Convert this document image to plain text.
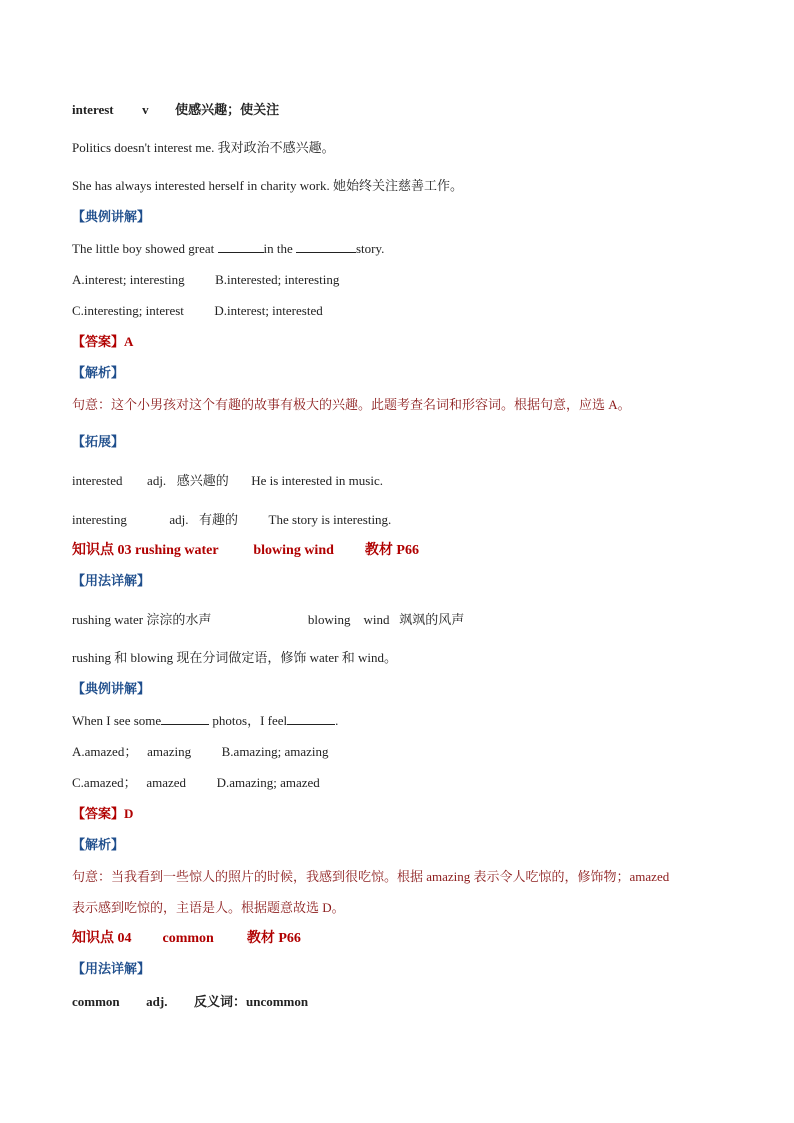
interest v 使感兴趣；使关注
Politics doesn't interest me. 我对政治不感兴趣。
She has always interested herself in charity work. 她始终关注慈善工作。
【典例讲解】
The little boy showed great	in the	story.
A.interest; interesting B.interested; interesting
C.interesting; interest D.interest; interested
【答案】A
【解析】
句意：这个小男孩对这个有趣的故事有极大的兴趣。此题考查名词和形容词。根据句意，应选 A。
【拓展】
interested adj. 感兴趣的 He is interested in music.
interesting	adj. 有趣的 The story is interesting.
知识点 03 rushing water	blowing wind 教材 P66
【用法详解】
rushing water 淙淙的水声	blowing    wind   飒飒的风声
rushing 和 blowing 现在分词做定语，修饰 water 和 wind。
【典例讲解】
When I see some	photos，I feel	.
A.amazed；   amazing B.amazing; amazing
C.amazed；   amazed D.amazing; amazed
【答案】D
【解析】
句意：当我看到一些惊人的照片的时候，我感到很吃惊。根据 amazing 表示令人吃惊的，修饰物；amazed
表示感到吃惊的，主语是人。根据题意故选 D。
知识点 04 common 教材 P66
【用法详解】
common adj. 反义词：uncommon
